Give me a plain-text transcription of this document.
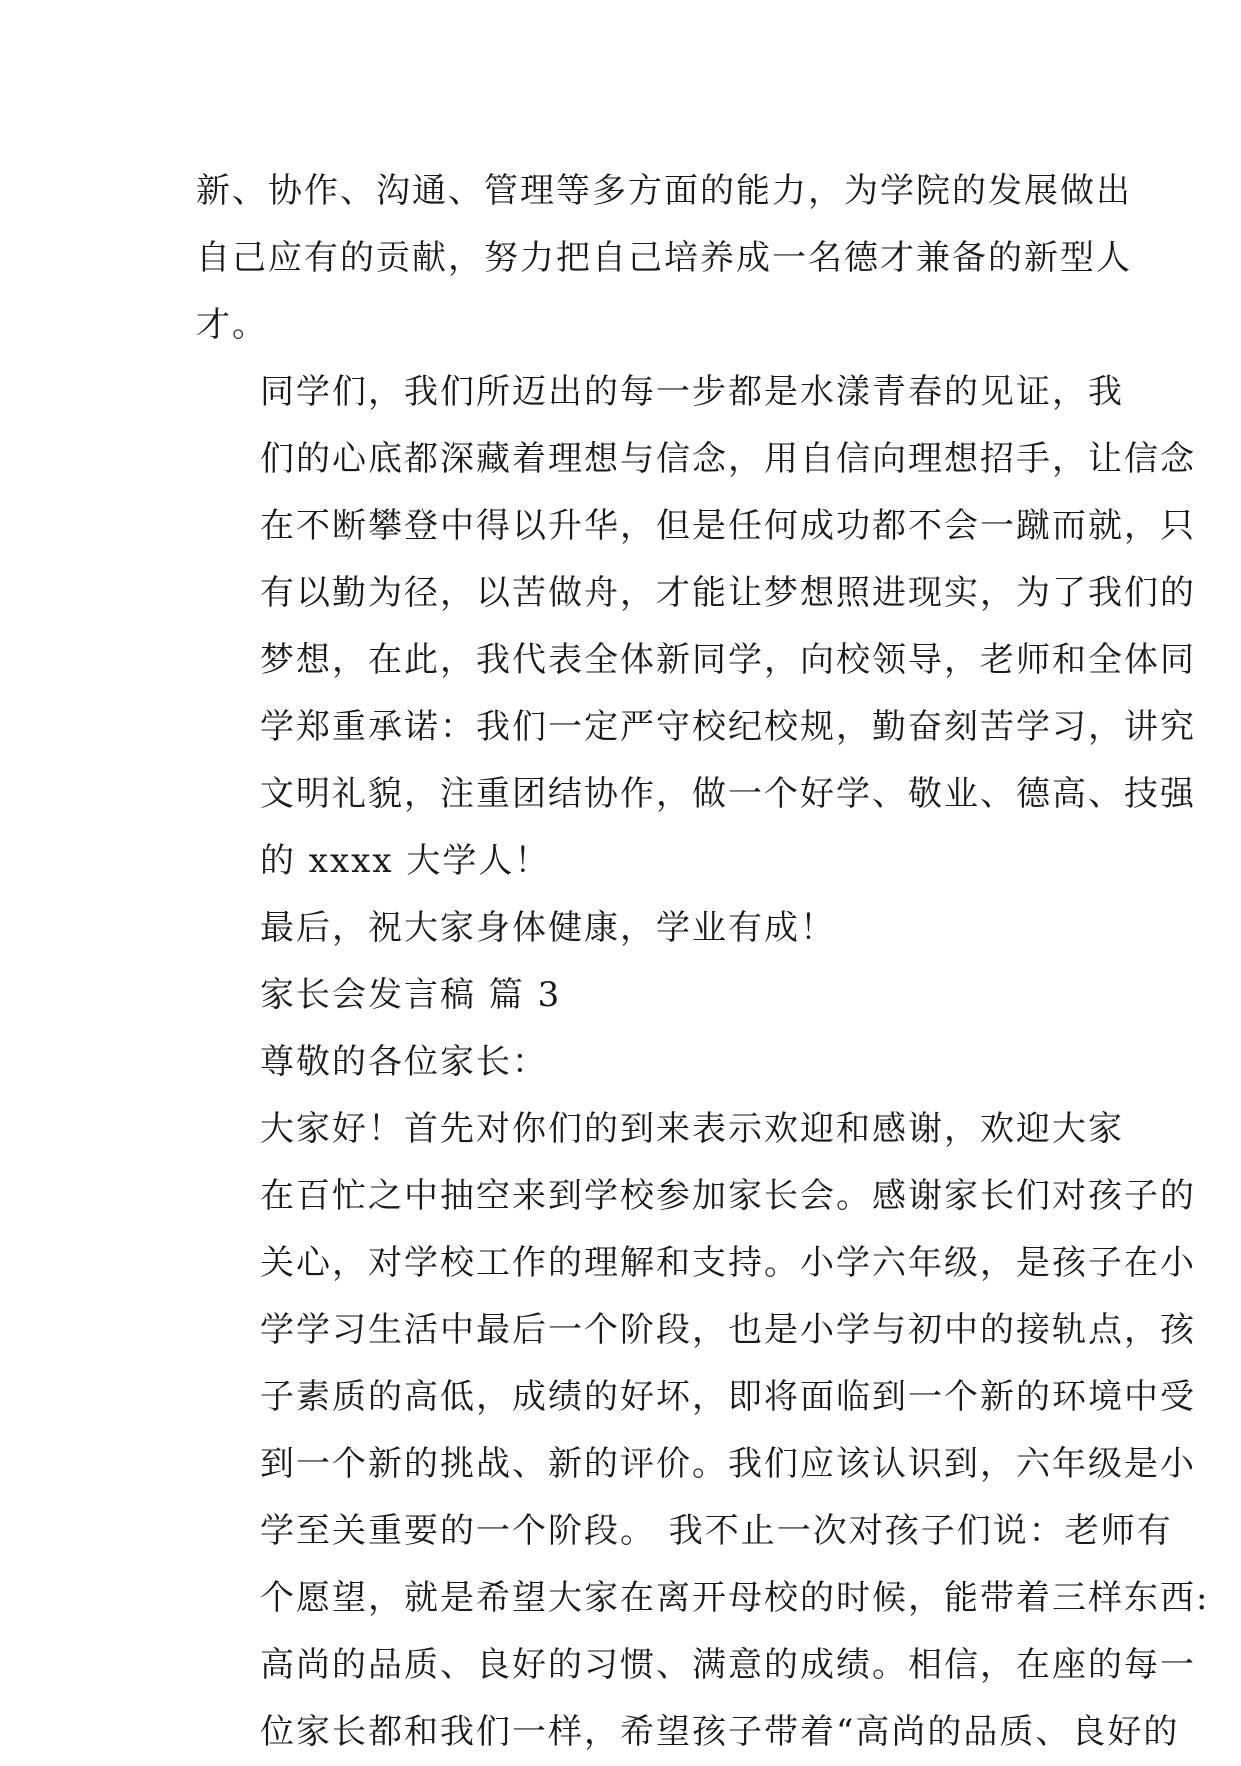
新、协作、沟通、管理等多方面的能力，为学院的发展做出
自己应有的贡献，努力把自己培养成一名德才兼备的新型人
才。

同学们，我们所迈出的每一步都是水漾青春的见证，我
们的心底都深藏着理想与信念，用自信向理想招手，让信念
在不断攀登中得以升华，但是任何成功都不会一蹴而就，只
有以勤为径，以苦做舟，才能让梦想照进现实，为了我们的
梦想，在此，我代表全体新同学，向校领导，老师和全体同
学郑重承诺：我们一定严守校纪校规，勤奋刻苦学习，讲究
文明礼貌，注重团结协作，做一个好学、敬业、德高、技强
的 xxxx 大学人！

最后，祝大家身体健康，学业有成！

家长会发言稿 篇 3

尊敬的各位家长：

大家好！首先对你们的到来表示欢迎和感谢，欢迎大家
在百忙之中抽空来到学校参加家长会。感谢家长们对孩子的
关心，对学校工作的理解和支持。小学六年级，是孩子在小
学学习生活中最后一个阶段，也是小学与初中的接轨点，孩
子素质的高低，成绩的好坏，即将面临到一个新的环境中受
到一个新的挑战、新的评价。我们应该认识到，六年级是小
学至关重要的一个阶段。 我不止一次对孩子们说：老师有
个愿望，就是希望大家在离开母校的时候，能带着三样东西:
高尚的品质、良好的习惯、满意的成绩。相信，在座的每一
位家长都和我们一样，希望孩子带着“高尚的品质、良好的
